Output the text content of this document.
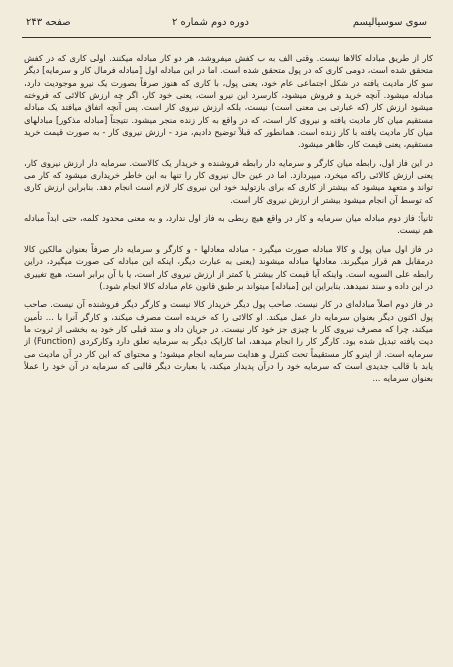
سوی سوسیالیسم
دوره دوم شماره ۲
صفحه ۲۴۳

کار از طریق مبادله کالاها نیست. وقتی الف به ب کفش میفروشد، هر دو کار مبادله میکنند. اولی کاری که در کفش متحقق شده است، دومی کاری که در پول متحقق شده است. اما در این مبادله اول [مبادله فرمال کار و سرمایه] دیگر سو کار مادیت یافته در شکل اجتماعی عام خود، یعنی پول، با کاری که هنوز صرفاً بصورت یک نیرو موجودیت دارد، مبادله میشود. آنچه خرید و فروش میشود، کارسرد این نیرو است، یعنی خود کار، اگر چه ارزش کالائی که فروخته میشود ارزش کار (که عبارتی بی معنی است) نیست، بلکه ارزش نیروی کار است. پس آنچه اتفاق میافتد یک مبادله مستقیم میان کار مادیت یافته و نیروی کار است، که در واقع به کار زنده منجر میشود. نتیجتاً [مبادله مذکور] مبادلهای میان کار مادیت یافته با کار زنده است. همانطور که قبلاً توضیح دادیم، مزد - ارزش نیروی کار - به صورت قیمت خرید مستقیم، یعنی قیمت کار، ظاهر میشود.

در این فاز اول، رابطه میان کارگر و سرمایه دار رابطه فروشنده و خریدار یک کالاست. سرمایه دار ارزش نیروی کار، یعنی ارزش کالائی راکه میخرد، میپردازد. اما در عین حال نیروی کار را تنها به این خاطر خریداری میشود که کار می تواند و متعهد میشود که بیشتر از کاری که برای بازتولید خود این نیروی کار لازم است انجام دهد. بنابراین ارزش کاری که توسط آن انجام میشود بیشتر از ارزش نیروی کار است.

ثانیاً: فاز دوم مبادله میان سرمایه و کار در واقع هیچ ربطی به فاز اول ندارد، و به معنی محدود کلمه، حتی ابداً مبادله هم نیست.

در فاز اول میان پول و کالا مبادله صورت میگیرد - مبادله معادلها - و کارگر و سرمایه دار صرفاً بعنوان مالکین کالا درمقابل هم قرار میگیرند. معادلها مبادله میشوند (یعنی به عبارت دیگر، اینکه این مبادله کی صورت میگیرد، دراین رابطه علی السویه است. واینکه آیا قیمت کار بیشتر یا کمتر از ارزش نیروی کار است، یا با آن برابر است، هیچ تغییری در این داده و سند نمیدهد. بنابراین این [مبادله] میتواند بر طبق قانون عام مبادله کالا انجام شود.)

در فاز دوم اصلاً مبادله‌ای در کار نیست. صاحب پول دیگر خریدار کالا نیست و کارگر دیگر فروشنده آن نیست. صاحب پول اکنون دیگر بعنوان سرمایه دار عمل میکند. او کالائی را که خریده است مصرف میکند، و کارگر آنرا با ... تأمین میکند، چرا که مصرف نیروی کار با چیزی جز خود کار نیست. در جریان داد و ستد قبلی کار خود به بخشی از ثروت ما دیت یافته تبدیل شده بود. کارگر کار را انجام میدهد، اما کارایک دیگر به سرمایه تعلق دارد وکارکردی (Function) از سرمایه است. از اینرو کار مستقیماً تحت کنترل و هدایت سرمایه انجام میشود؛ و محتوای که این کار در آن مادیت می یابد با قالب جدیدی است که سرمایه خود را درآن پدیدار میکند، یا بعبارت دیگر قالبی که سرمایه در آن خود را عملاً بعنوان سرمایه ...
